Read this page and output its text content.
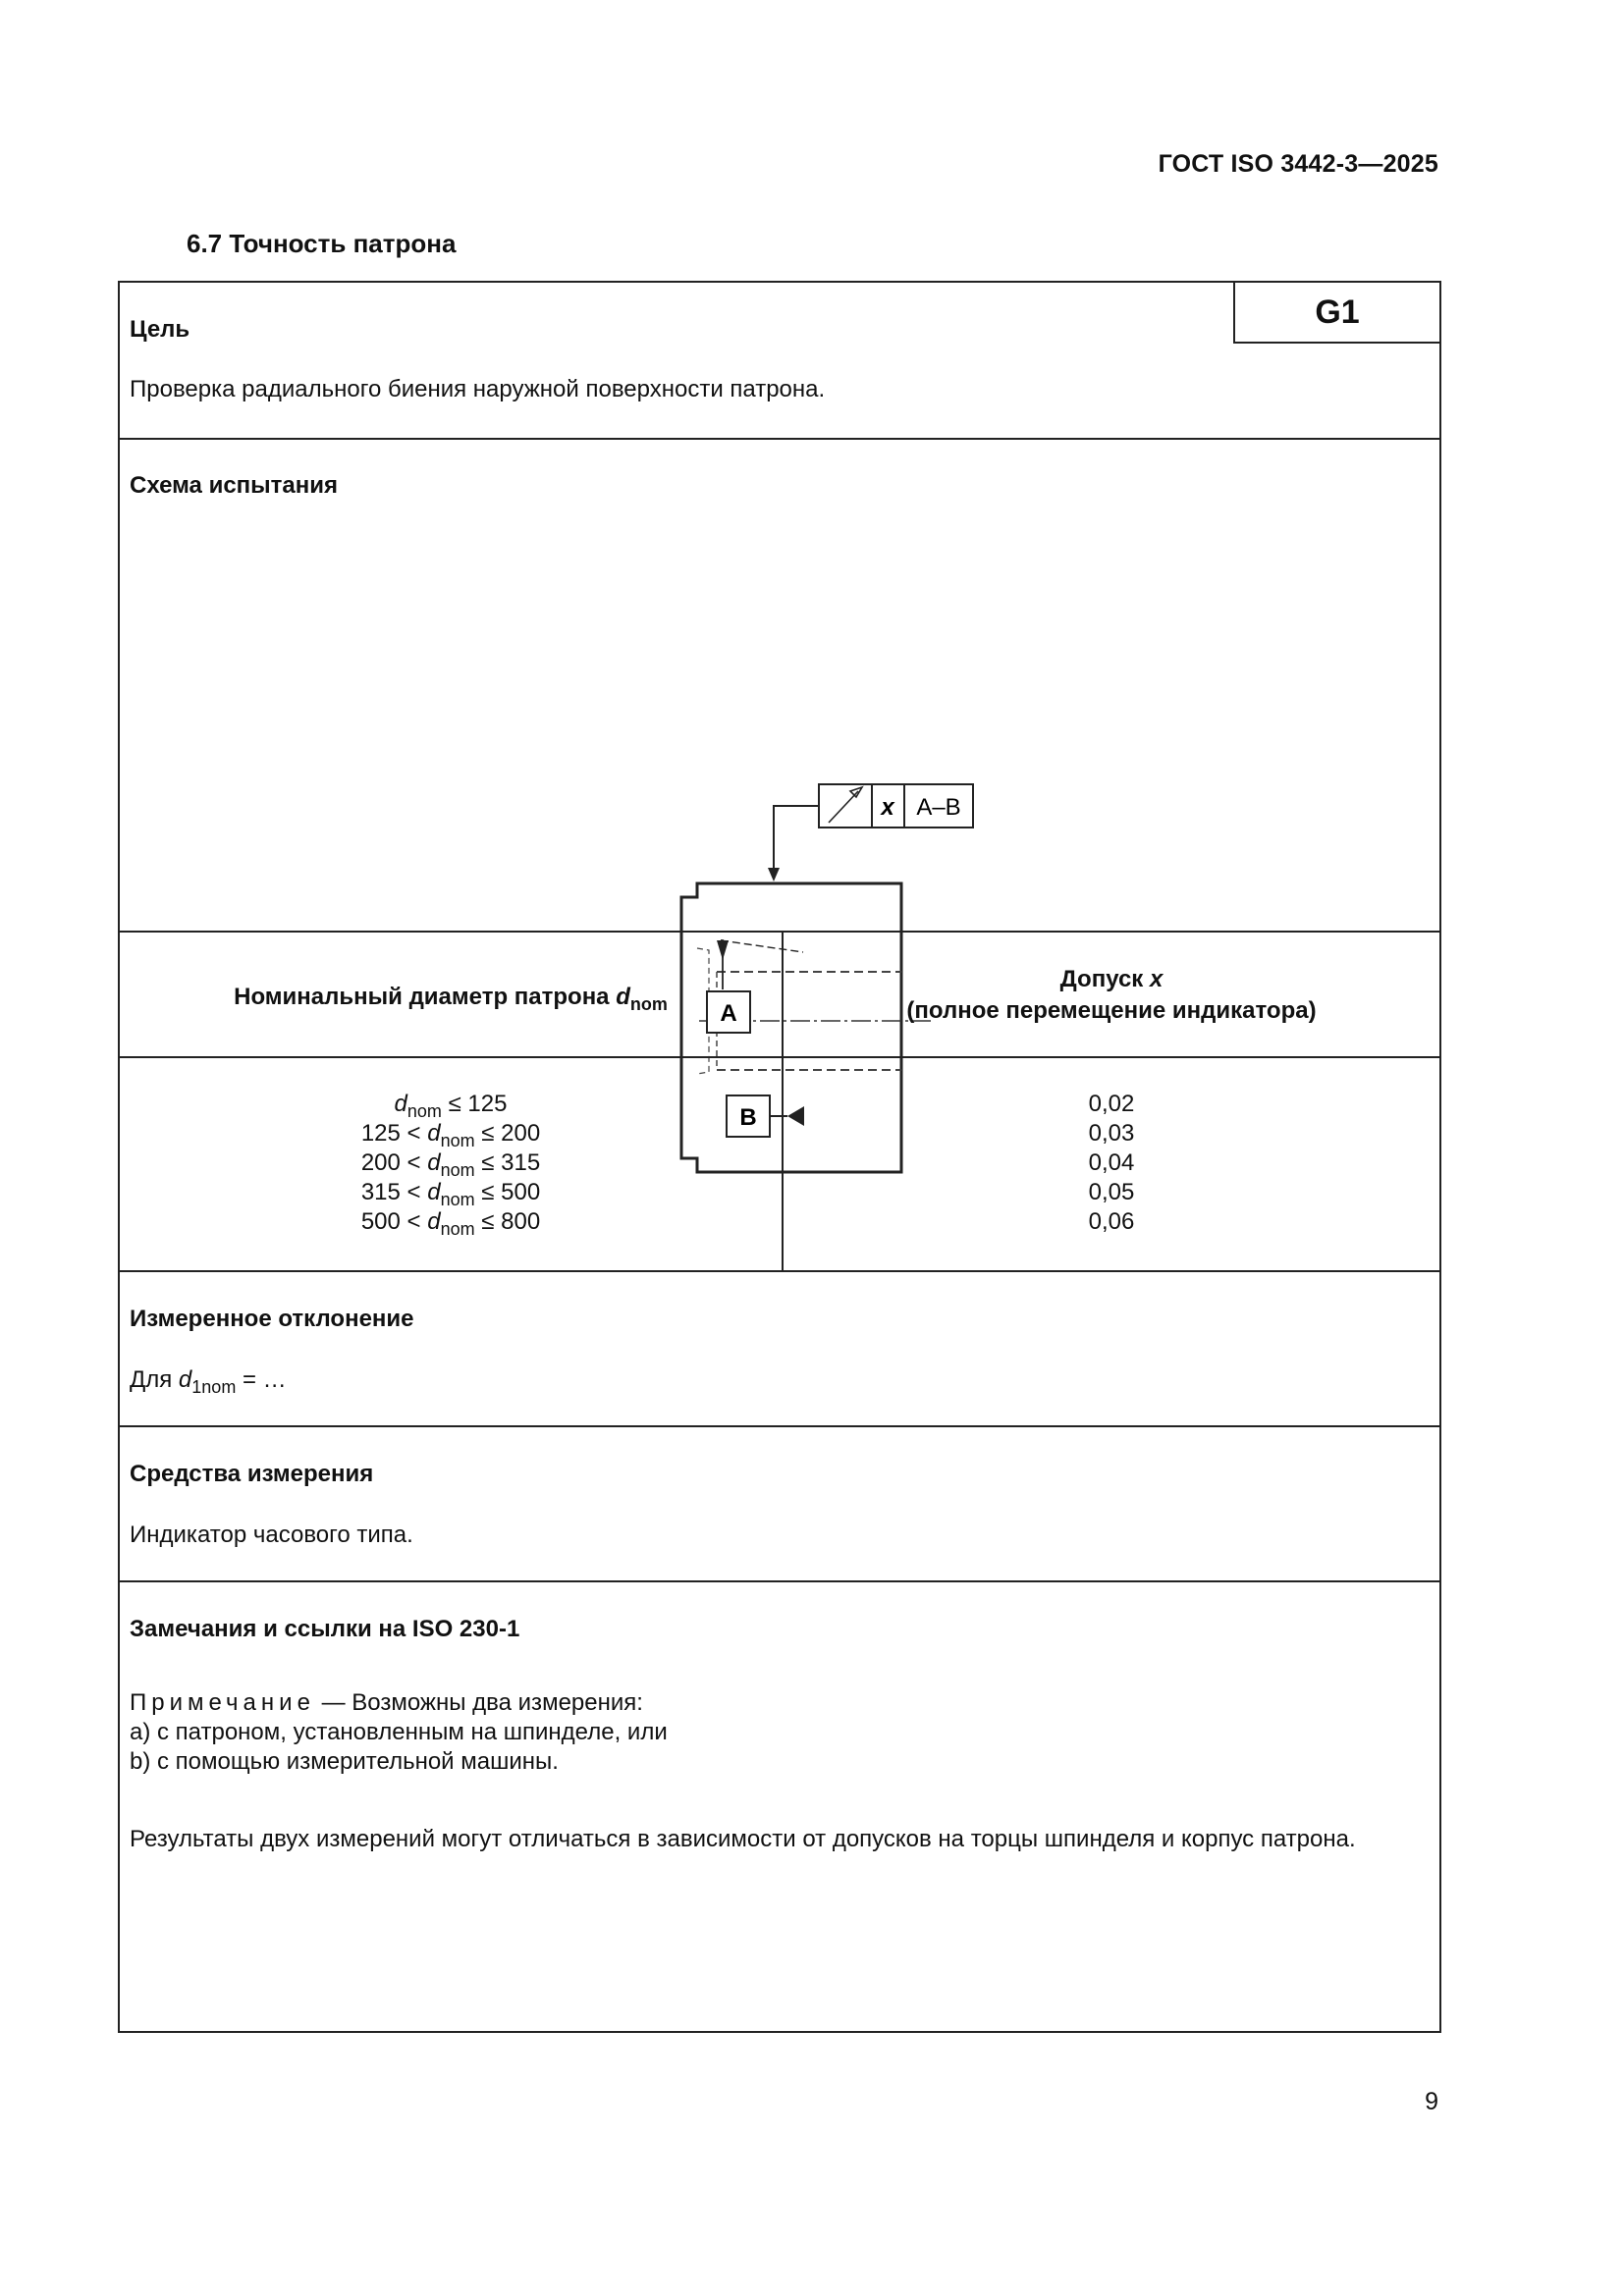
ГОСТ ISO 3442-3—2025
6.7 Точность патрона
G1
Цель
Проверка радиального биения наружной поверхности патрона.
Схема испытания
x A–B
A
B
Номинальный диаметр патрона $d_{nom}$
Допуск x
(полное перемещение индикатора)
$d_{nom} \le 125$
$125 < d_{nom} \le 200$
$200 < d_{nom} \le 315$
$315 < d_{nom} \le 500$
$500 < d_{nom} \le 800$
0,02
0,03
0,04
0,05
0,06
Измеренное отклонение
Для $d_{1nom}$ = …
Средства измерения
Индикатор часового типа.
Замечания и ссылки на ISO 230-1
Примечание — Возможны два измерения:
a) с патроном, установленным на шпинделе, или
b) с помощью измерительной машины.
Результаты двух измерений могут отличаться в зависимости от допусков на торцы шпинделя и корпус патрона.
9
